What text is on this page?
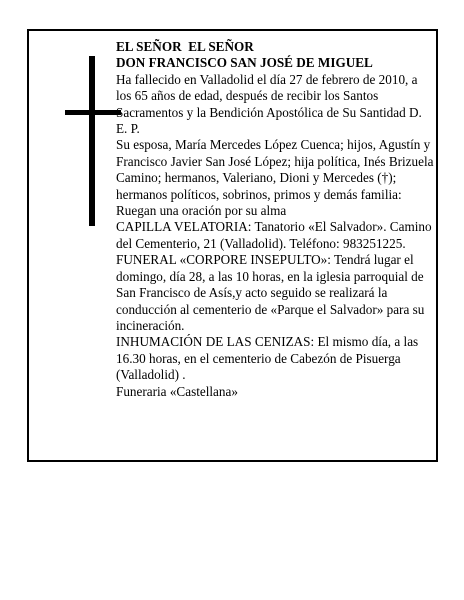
EL SEÑOR  EL SEÑOR

DON FRANCISCO SAN JOSÉ DE MIGUEL

Ha fallecido en Valladolid el día 27 de febrero de 2010, a los 65 años de edad, después de recibir los Santos Sacramentos y la Bendición Apostólica de Su Santidad D. E. P.

Su esposa, María Mercedes López Cuenca; hijos, Agustín y Francisco Javier San José López; hija política, Inés Brizuela Camino; hermanos, Valeriano, Dioni y Mercedes (†); hermanos políticos, sobrinos, primos y demás familia:

Ruegan una oración por su alma

CAPILLA VELATORIA: Tanatorio «El Salvador». Camino del Cementerio, 21 (Valladolid). Teléfono: 983251225.

FUNERAL «CORPORE INSEPULTO»: Tendrá lugar el domingo, día 28, a las 10 horas, en la iglesia parroquial de San Francisco de Asís,y acto seguido se realizará la conducción al cementerio de «Parque el Salvador» para su incineración.

INHUMACIÓN DE LAS CENIZAS: El mismo día, a las 16.30 horas, en el cementerio de Cabezón de Pisuerga (Valladolid) .

Funeraria «Castellana»
